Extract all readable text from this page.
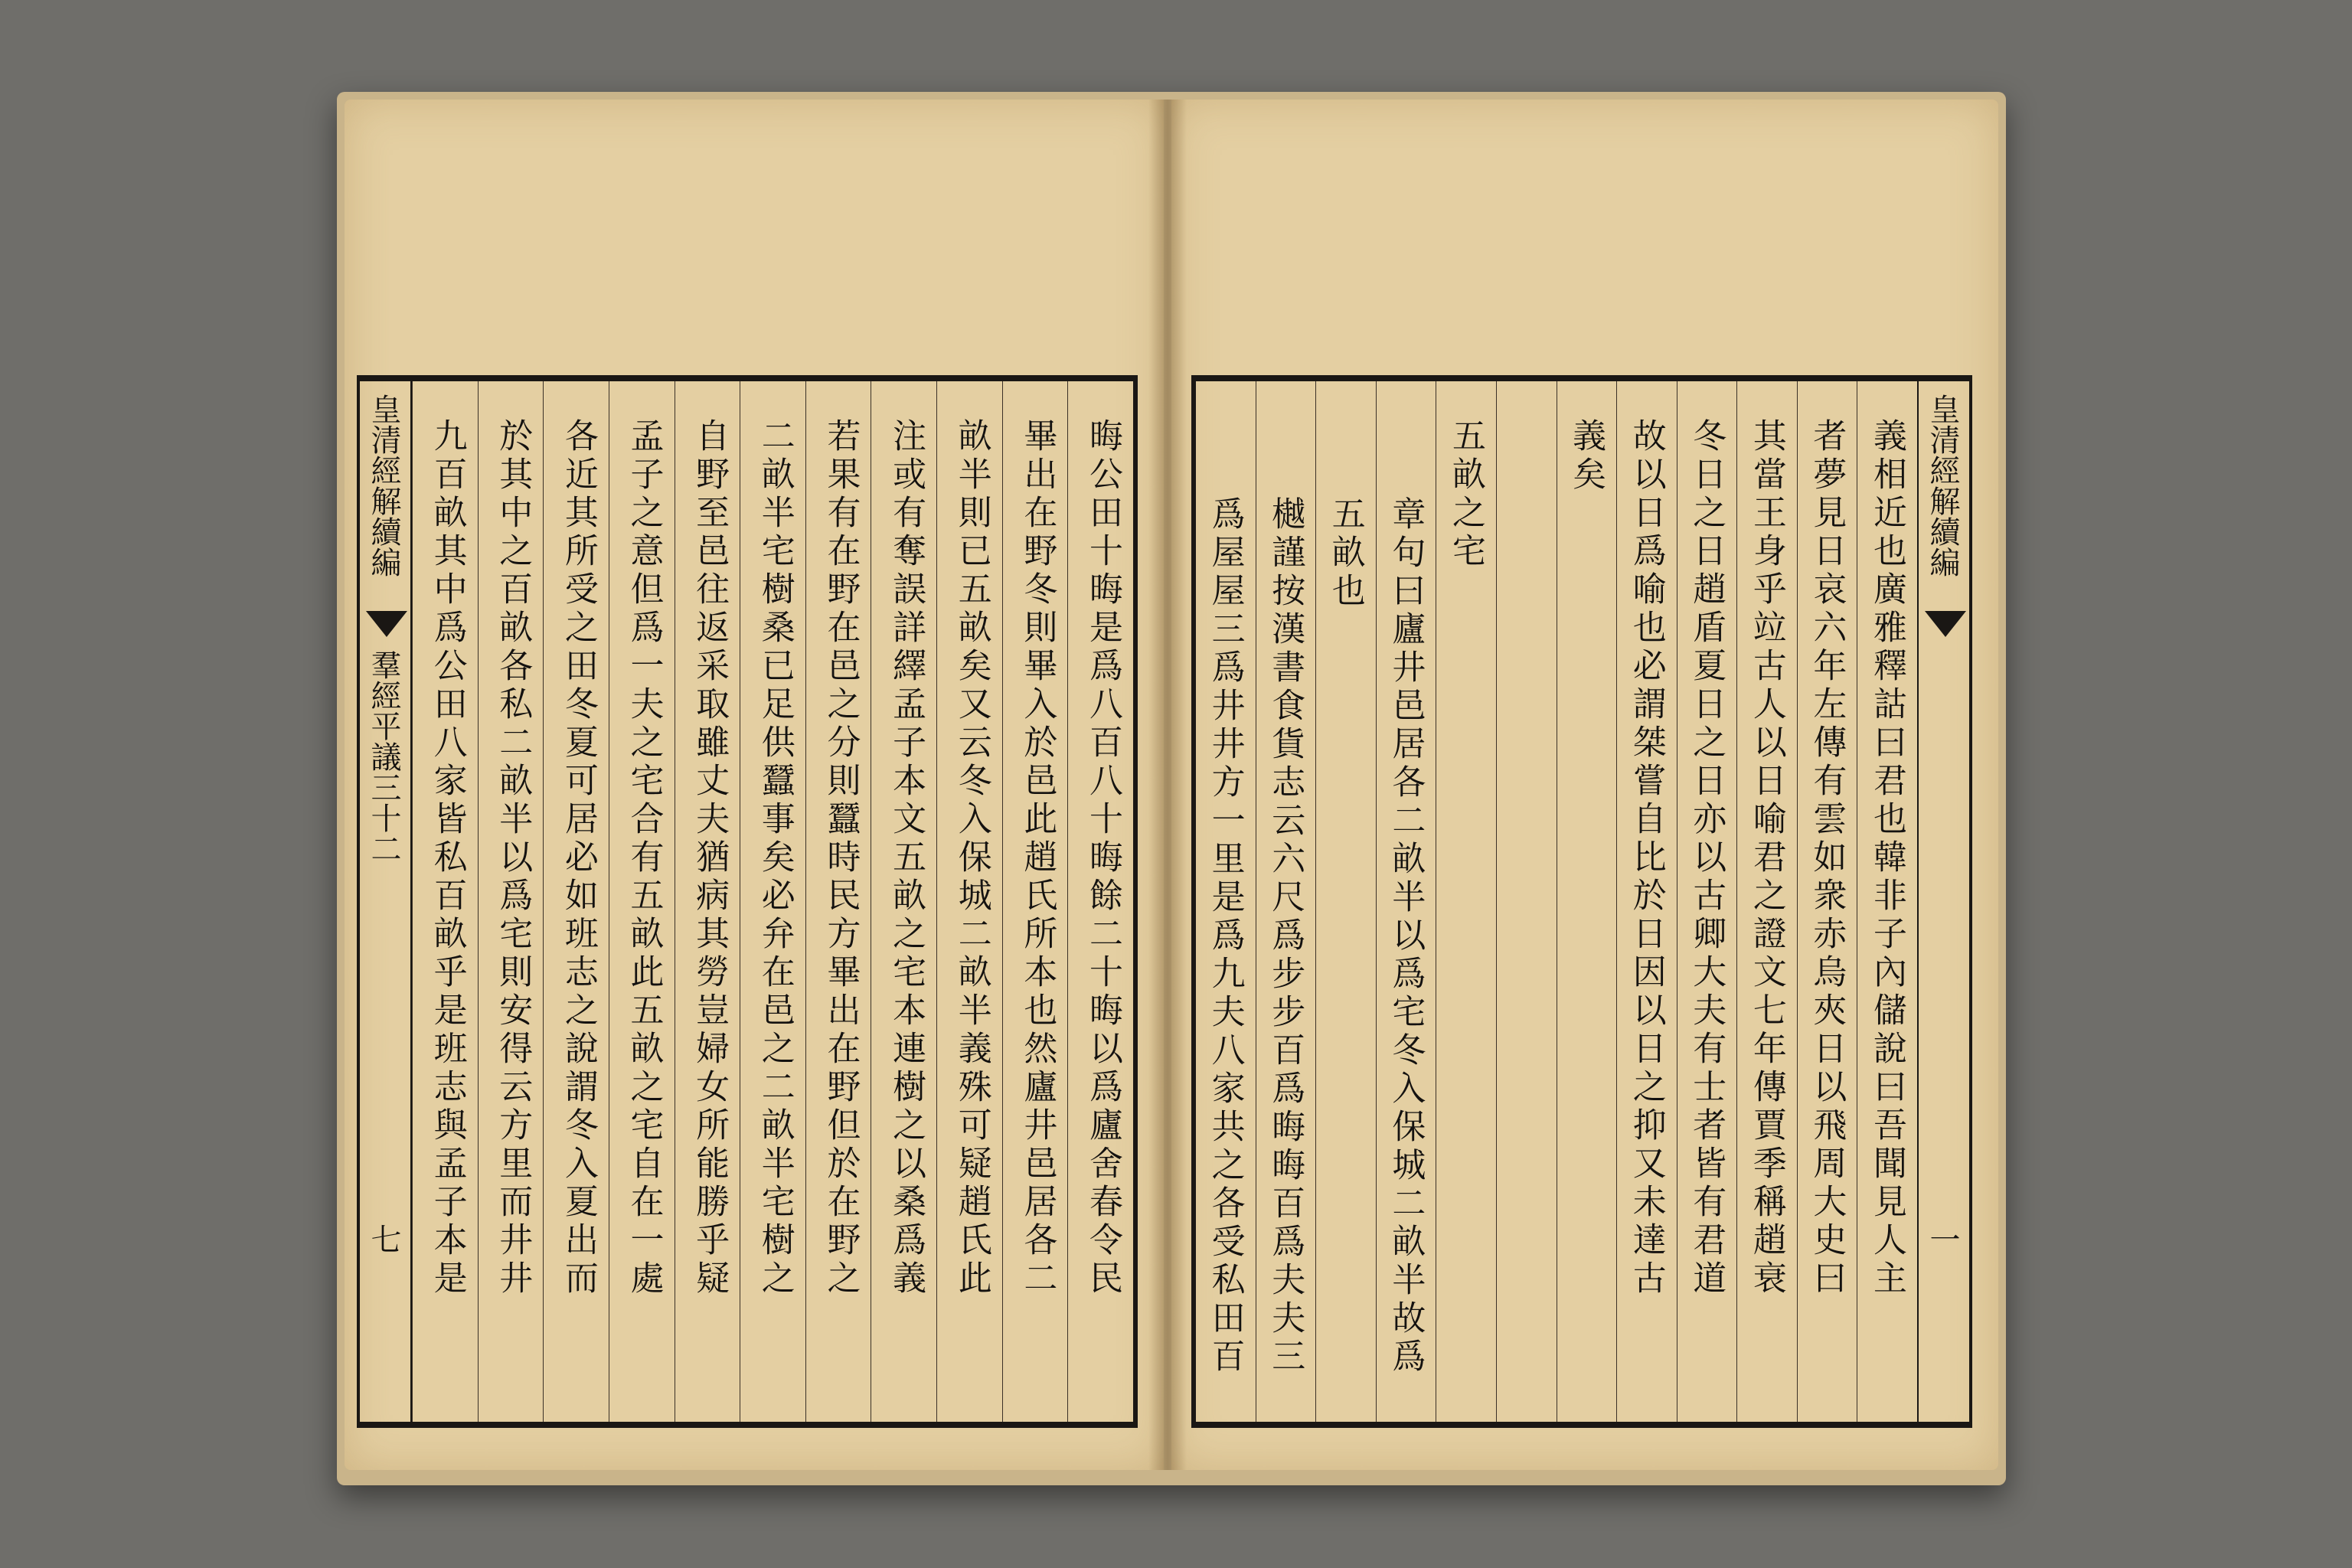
晦公田十晦是爲八百八十晦餘二十晦以爲廬舍春令民
畢出在野冬則畢入於邑此趙氏所本也然廬井邑居各二
畝半則已五畝矣又云冬入保城二畝半義殊可疑趙氏此
注或有奪誤詳繹孟子本文五畝之宅本連樹之以桑爲義
若果有在野在邑之分則蠶時民方畢出在野但於在野之
二畝半宅樹桑已足供蠶事矣必弁在邑之二畝半宅樹之
自野至邑往返采取雖丈夫猶病其勞豈婦女所能勝乎疑
孟子之意但爲一夫之宅合有五畝此五畝之宅自在一處
各近其所受之田冬夏可居必如班志之說謂冬入夏出而
於其中之百畝各私二畝半以爲宅則安得云方里而井井
九百畝其中爲公田八家皆私百畝乎是班志與孟子本是
皇清經解續編
羣經平議三十二
七
皇清經解續編
一
義相近也廣雅釋詁曰君也韓非子內儲說曰吾聞見人主
者夢見日哀六年左傳有雲如衆赤烏夾日以飛周大史曰
其當王身乎竝古人以日喻君之證文七年傳賈季稱趙衰
冬日之日趙盾夏日之日亦以古卿大夫有士者皆有君道
故以日爲喻也必謂桀嘗自比於日因以日之抑又未達古
義矣
五畝之宅
章句曰廬井邑居各二畝半以爲宅冬入保城二畝半故爲
五畝也
樾謹按漢書食貨志云六尺爲步步百爲晦晦百爲夫夫三
爲屋屋三爲井井方一里是爲九夫八家共之各受私田百
